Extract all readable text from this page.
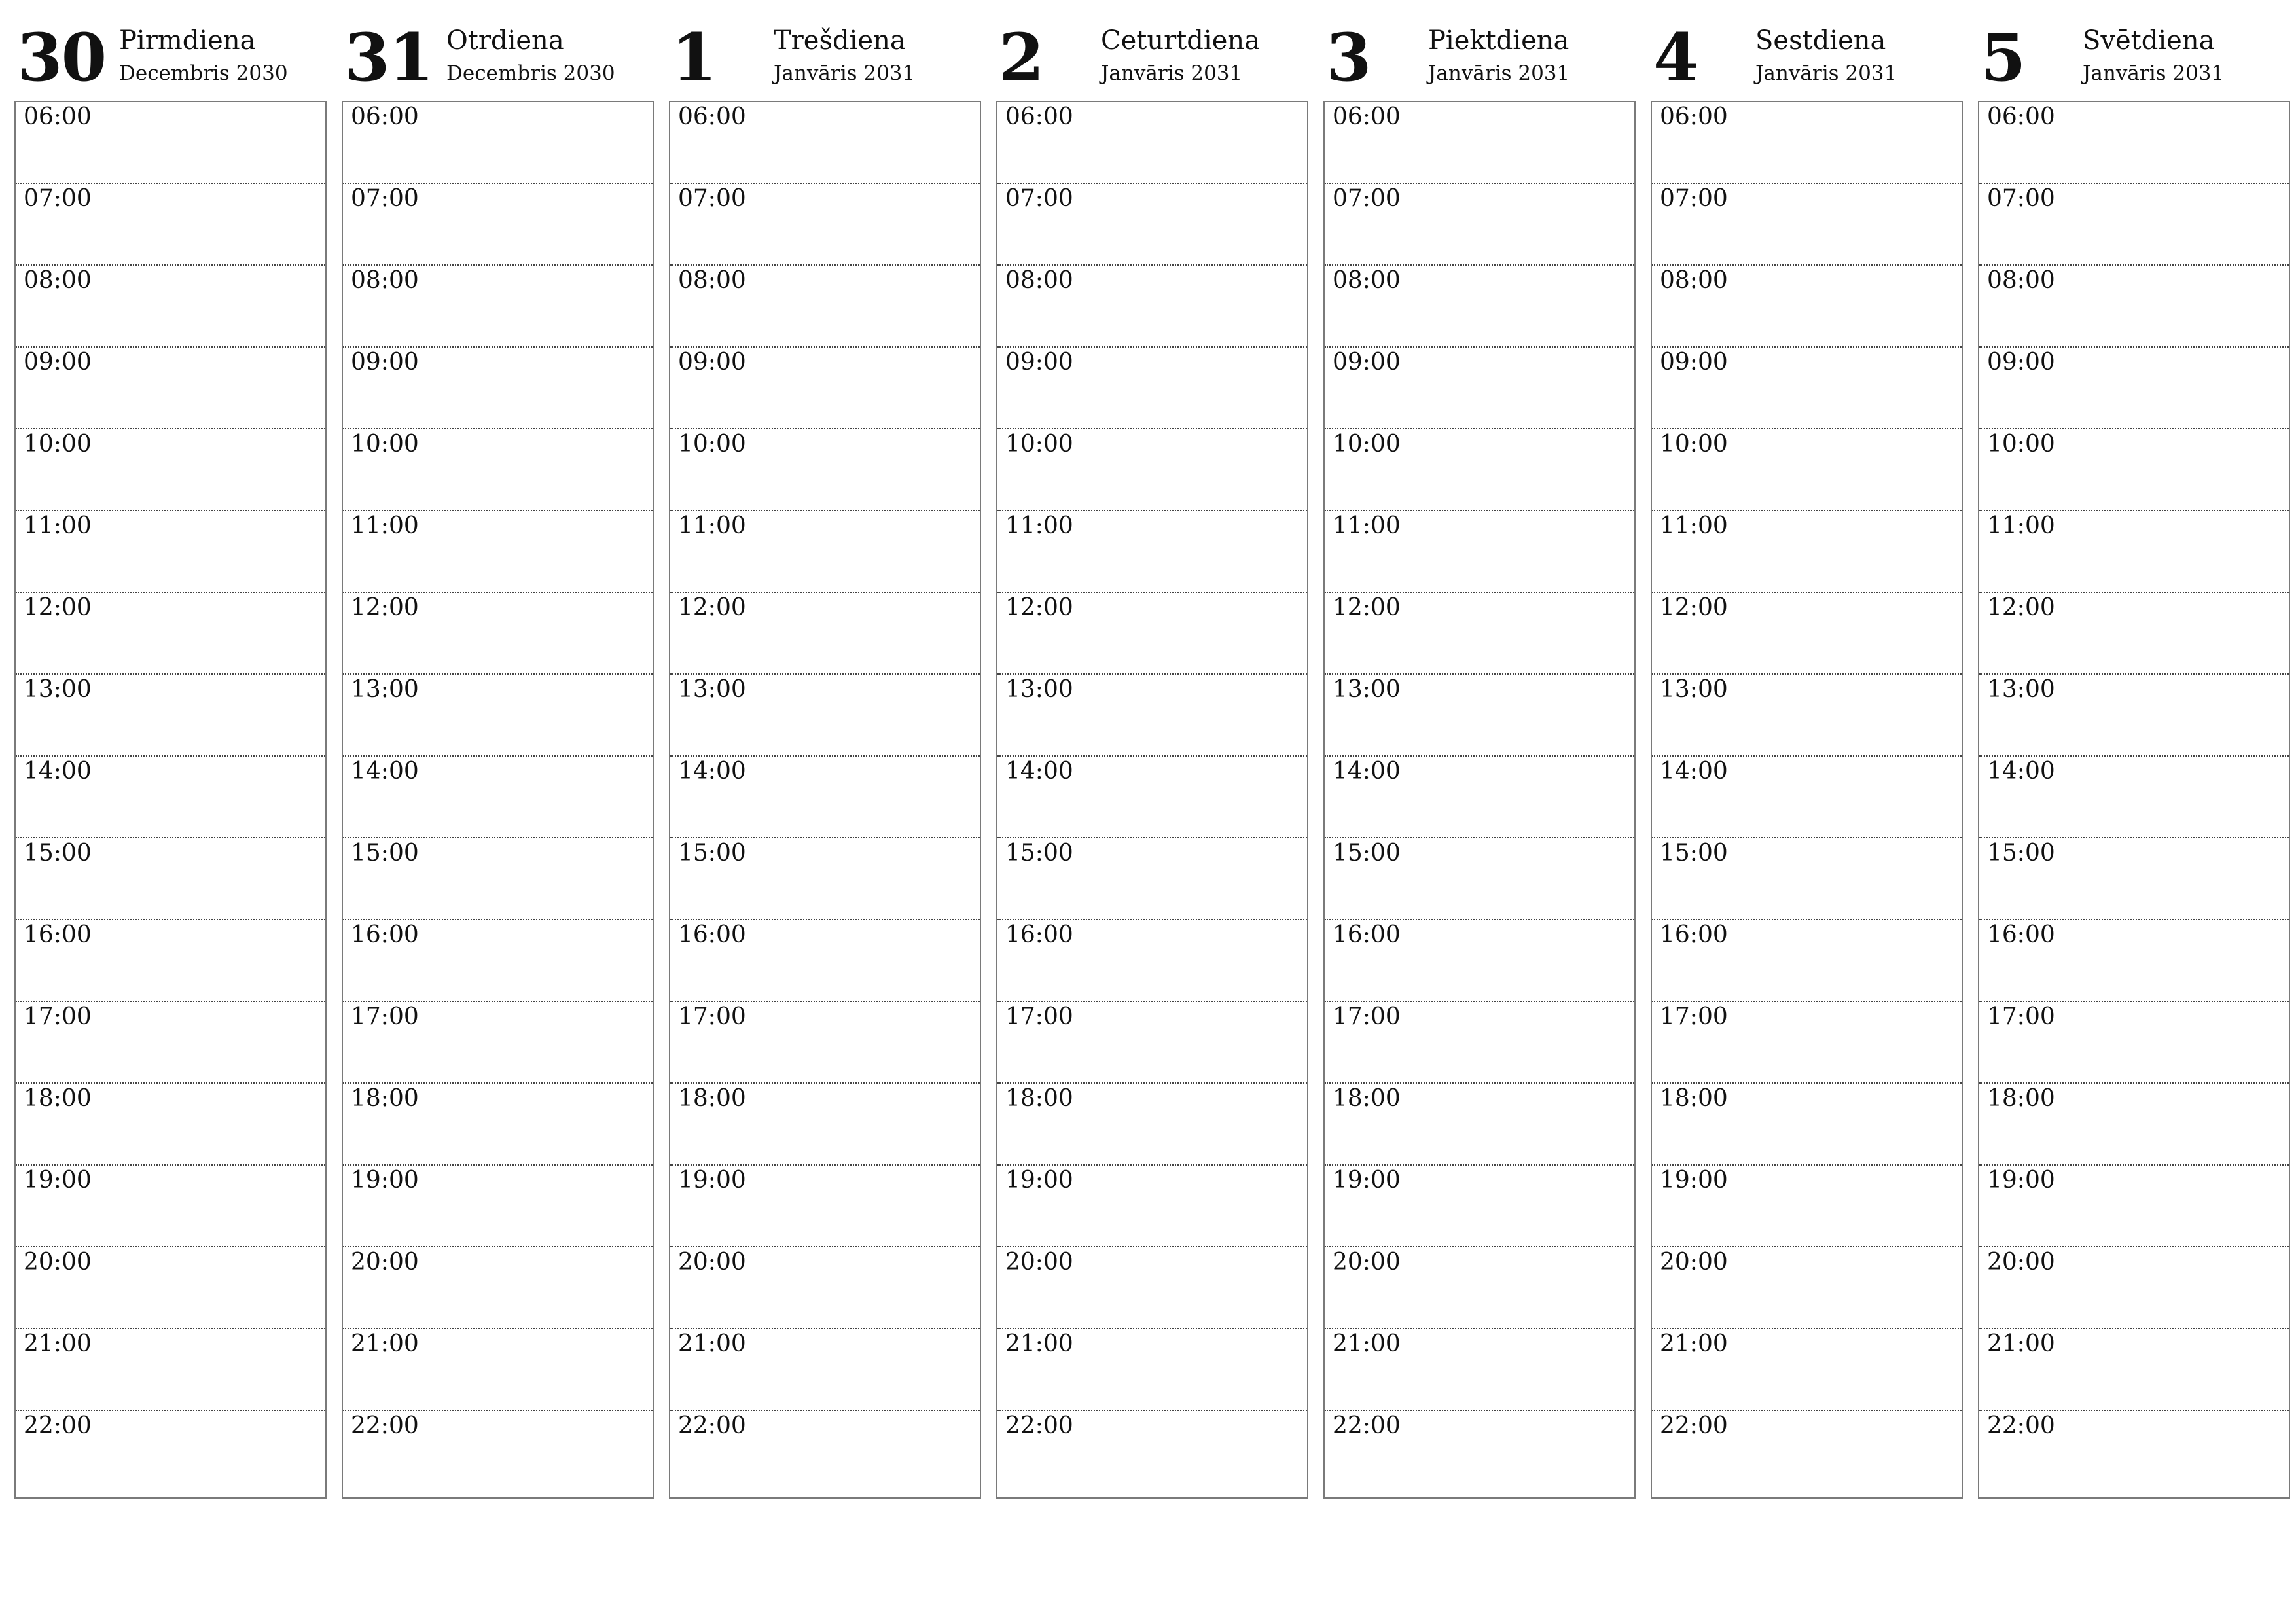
30 Pirmdiena
Decembris 2030
06:00
07:00
08:00
09:00
10:00
11:00
12:00
13:00
14:00
15:00
16:00
17:00
18:00
19:00
20:00
21:00
22:00
31 Otrdiena
Decembris 2030
06:00
07:00
08:00
09:00
10:00
11:00
12:00
13:00
14:00
15:00
16:00
17:00
18:00
19:00
20:00
21:00
22:00
1 Trešdiena
Janvāris 2031
06:00
07:00
08:00
09:00
10:00
11:00
12:00
13:00
14:00
15:00
16:00
17:00
18:00
19:00
20:00
21:00
22:00
2 Ceturtdiena
Janvāris 2031
06:00
07:00
08:00
09:00
10:00
11:00
12:00
13:00
14:00
15:00
16:00
17:00
18:00
19:00
20:00
21:00
22:00
3 Piektdiena
Janvāris 2031
06:00
07:00
08:00
09:00
10:00
11:00
12:00
13:00
14:00
15:00
16:00
17:00
18:00
19:00
20:00
21:00
22:00
4 Sestdiena
Janvāris 2031
06:00
07:00
08:00
09:00
10:00
11:00
12:00
13:00
14:00
15:00
16:00
17:00
18:00
19:00
20:00
21:00
22:00
5 Svētdiena
Janvāris 2031
06:00
07:00
08:00
09:00
10:00
11:00
12:00
13:00
14:00
15:00
16:00
17:00
18:00
19:00
20:00
21:00
22:00
